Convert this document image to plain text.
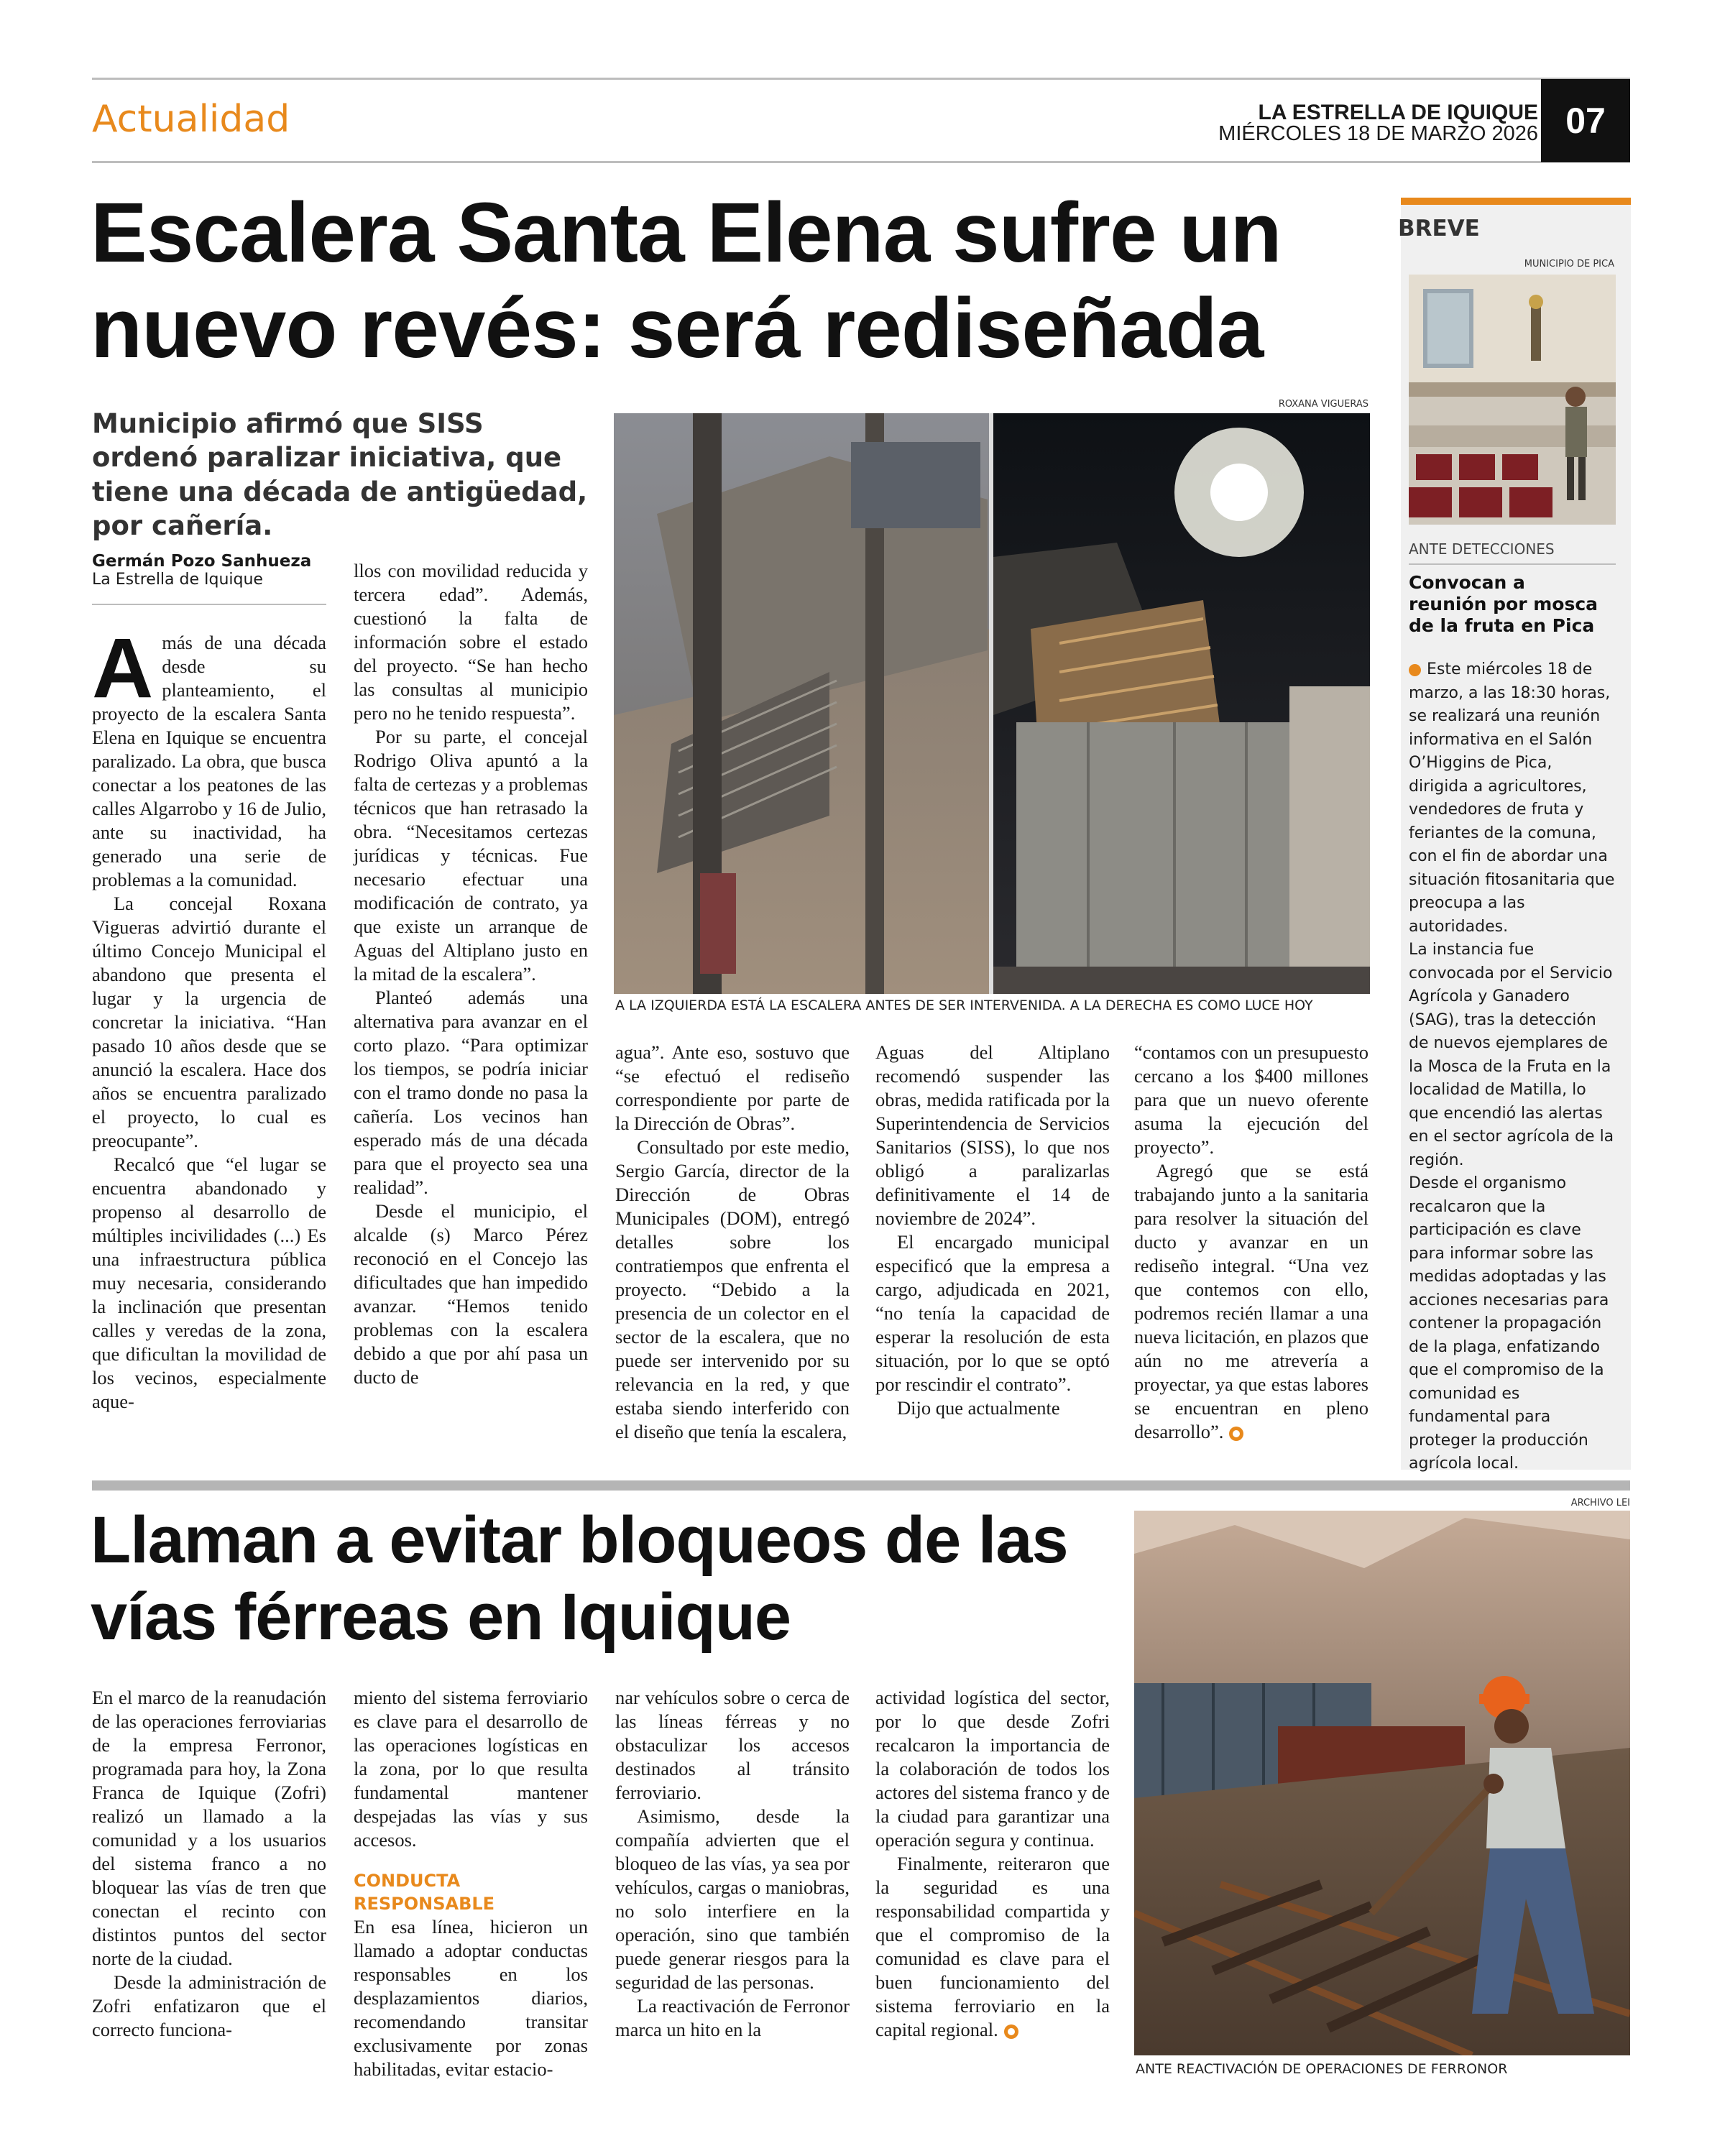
Actualidad	LA ESTRELLA DE IQUIQUE
MIÉRCOLES 18 DE MARZO 2026 07
Escalera Santa Elena sufre un
nuevo revés: será rediseñada
Municipio afirmó que SISS ordenó paralizar iniciativa, que tiene una década de antigüedad, por cañería.
Germán Pozo Sanhueza
La Estrella de Iquique
ROXANA VIGUERAS
A LA IZQUIERDA ESTÁ LA ESCALERA ANTES DE SER INTERVENIDA. A LA DERECHA ES COMO LUCE HOY
A más de una década desde su planteamiento, el proyecto de la escalera Santa Elena en Iquique se encuentra paralizado. La obra, que busca conectar a los peatones de las calles Algarrobo y 16 de Julio, ante su inactividad, ha generado una serie de problemas a la comunidad.

La concejal Roxana Vigueras advirtió durante el último Concejo Municipal el abandono que presenta el lugar y la urgencia de concretar la iniciativa. “Han pasado 10 años desde que se anunció la escalera. Hace dos años se encuentra paralizado el proyecto, lo cual es preocupante”.

Recalcó que “el lugar se encuentra abandonado y propenso al desarrollo de múltiples incivilidades (...) Es una infraestructura pública muy necesaria, considerando la inclinación que presentan calles y veredas de la zona, que dificultan la movilidad de los vecinos, especialmente aque-

llos con movilidad reducida y tercera edad”. Además, cuestionó la falta de información sobre el estado del proyecto. “Se han hecho las consultas al municipio pero no he tenido respuesta”.

Por su parte, el concejal Rodrigo Oliva apuntó a la falta de certezas y a problemas técnicos que han retrasado la obra. “Necesitamos certezas jurídicas y técnicas. Fue necesario efectuar una modificación de contrato, ya que existe un arranque de Aguas del Altiplano justo en la mitad de la escalera”.

Planteó además una alternativa para avanzar en el corto plazo. “Para optimizar los tiempos, se podría iniciar con el tramo donde no pasa la cañería. Los vecinos han esperado más de una década para que el proyecto sea una realidad”.

Desde el municipio, el alcalde (s) Marco Pérez reconoció en el Concejo las dificultades que han impedido avanzar. “Hemos tenido problemas con la escalera debido a que por ahí pasa un ducto de

agua”. Ante eso, sostuvo que “se efectuó el rediseño correspondiente por parte de la Dirección de Obras”.

Consultado por este medio, Sergio García, director de la Dirección de Obras Municipales (DOM), entregó detalles sobre los contratiempos que enfrenta el proyecto. “Debido a la presencia de un colector en el sector de la escalera, que no puede ser intervenido por su relevancia en la red, y que estaba siendo interferido con el diseño que tenía la escalera,

Aguas del Altiplano recomendó suspender las obras, medida ratificada por la Superintendencia de Servicios Sanitarios (SISS), lo que nos obligó a paralizarlas definitivamente el 14 de noviembre de 2024”.

El encargado municipal especificó que la empresa a cargo, adjudicada en 2021, “no tenía la capacidad de esperar la resolución de esta situación, por lo que se optó por rescindir el contrato”.

Dijo que actualmente

“contamos con un presupuesto cercano a los $400 millones para que un nuevo oferente asuma la ejecución del proyecto”.

Agregó que se está trabajando junto a la sanitaria para resolver la situación del ducto y avanzar en un rediseño integral. “Una vez que contemos con ello, podremos recién llamar a una nueva licitación, en plazos que aún no me atrevería a proyectar, ya que estas labores se encuentran en pleno desarrollo”.

BREVE
MUNICIPIO DE PICA
ANTE DETECCIONES
Convocan a reunión por mosca de la fruta en Pica
Este miércoles 18 de marzo, a las 18:30 horas, se realizará una reunión informativa en el Salón O’Higgins de Pica, dirigida a agricultores, vendedores de fruta y feriantes de la comuna, con el fin de abordar una situación fitosanitaria que preocupa a las autoridades.
La instancia fue convocada por el Servicio Agrícola y Ganadero (SAG), tras la detección de nuevos ejemplares de la Mosca de la Fruta en la localidad de Matilla, lo que encendió las alertas en el sector agrícola de la región.
Desde el organismo recalcaron que la participación es clave para informar sobre las medidas adoptadas y las acciones necesarias para contener la propagación de la plaga, enfatizando que el compromiso de la comunidad es fundamental para proteger la producción agrícola local.
Llaman a evitar bloqueos de las
vías férreas en Iquique
ARCHIVO LEI
ANTE REACTIVACIÓN DE OPERACIONES DE FERRONOR

En el marco de la reanudación de las operaciones ferroviarias de la empresa Ferronor, programada para hoy, la Zona Franca de Iquique (Zofri) realizó un llamado a la comunidad y a los usuarios del sistema franco a no bloquear las vías de tren que conectan el recinto con distintos puntos del sector norte de la ciudad.

Desde la administración de Zofri enfatizaron que el correcto funciona-

miento del sistema ferroviario es clave para el desarrollo de las operaciones logísticas en la zona, por lo que resulta fundamental mantener despejadas las vías y sus accesos.

CONDUCTA RESPONSABLE

En esa línea, hicieron un llamado a adoptar conductas responsables en los desplazamientos diarios, recomendando transitar exclusivamente por zonas habilitadas, evitar estacio-

nar vehículos sobre o cerca de las líneas férreas y no obstaculizar los accesos destinados al tránsito ferroviario.

Asimismo, desde la compañía advierten que el bloqueo de las vías, ya sea por vehículos, cargas o maniobras, no solo interfiere en la operación, sino que también puede generar riesgos para la seguridad de las personas.

La reactivación de Ferronor marca un hito en la

actividad logística del sector, por lo que desde Zofri recalcaron la importancia de la colaboración de todos los actores del sistema franco y de la ciudad para garantizar una operación segura y continua.

Finalmente, reiteraron que la seguridad es una responsabilidad compartida y que el compromiso de la comunidad es clave para el buen funcionamiento del sistema ferroviario en la capital regional.
